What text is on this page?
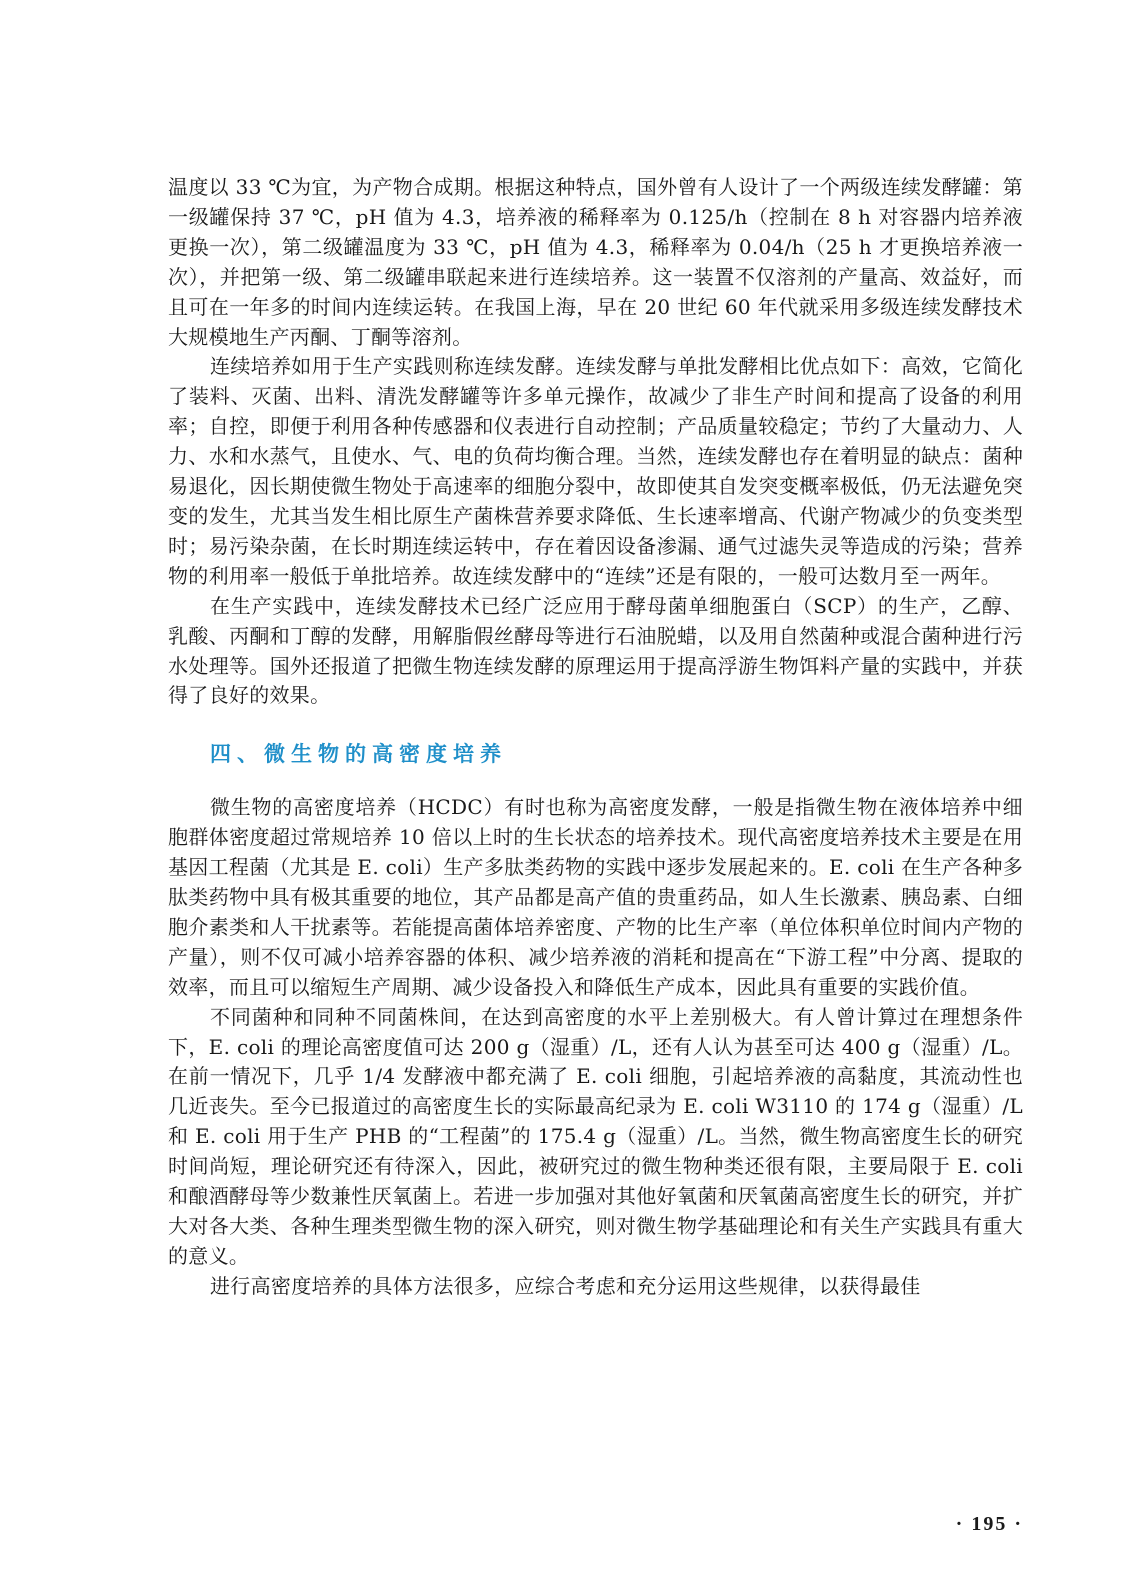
温度以 33 ℃为宜，为产物合成期。根据这种特点，国外曾有人设计了一个两级连续发酵罐：第一级罐保持 37 ℃，pH 值为 4.3，培养液的稀释率为 0.125/h（控制在 8 h 对容器内培养液更换一次），第二级罐温度为 33 ℃，pH 值为 4.3，稀释率为 0.04/h（25 h 才更换培养液一次），并把第一级、第二级罐串联起来进行连续培养。这一装置不仅溶剂的产量高、效益好，而且可在一年多的时间内连续运转。在我国上海，早在 20 世纪 60 年代就采用多级连续发酵技术大规模地生产丙酮、丁酮等溶剂。

连续培养如用于生产实践则称连续发酵。连续发酵与单批发酵相比优点如下：高效，它简化了装料、灭菌、出料、清洗发酵罐等许多单元操作，故减少了非生产时间和提高了设备的利用率；自控，即便于利用各种传感器和仪表进行自动控制；产品质量较稳定；节约了大量动力、人力、水和水蒸气，且使水、气、电的负荷均衡合理。当然，连续发酵也存在着明显的缺点：菌种易退化，因长期使微生物处于高速率的细胞分裂中，故即使其自发突变概率极低，仍无法避免突变的发生，尤其当发生相比原生产菌株营养要求降低、生长速率增高、代谢产物减少的负变类型时；易污染杂菌，在长时期连续运转中，存在着因设备渗漏、通气过滤失灵等造成的污染；营养物的利用率一般低于单批培养。故连续发酵中的“连续”还是有限的，一般可达数月至一两年。

在生产实践中，连续发酵技术已经广泛应用于酵母菌单细胞蛋白（SCP）的生产，乙醇、乳酸、丙酮和丁醇的发酵，用解脂假丝酵母等进行石油脱蜡，以及用自然菌种或混合菌种进行污水处理等。国外还报道了把微生物连续发酵的原理运用于提高浮游生物饵料产量的实践中，并获得了良好的效果。

四、微生物的高密度培养

微生物的高密度培养（HCDC）有时也称为高密度发酵，一般是指微生物在液体培养中细胞群体密度超过常规培养 10 倍以上时的生长状态的培养技术。现代高密度培养技术主要是在用基因工程菌（尤其是 E. coli）生产多肽类药物的实践中逐步发展起来的。E. coli 在生产各种多肽类药物中具有极其重要的地位，其产品都是高产值的贵重药品，如人生长激素、胰岛素、白细胞介素类和人干扰素等。若能提高菌体培养密度、产物的比生产率（单位体积单位时间内产物的产量），则不仅可减小培养容器的体积、减少培养液的消耗和提高在“下游工程”中分离、提取的效率，而且可以缩短生产周期、减少设备投入和降低生产成本，因此具有重要的实践价值。

不同菌种和同种不同菌株间，在达到高密度的水平上差别极大。有人曾计算过在理想条件下，E. coli 的理论高密度值可达 200 g（湿重）/L，还有人认为甚至可达 400 g（湿重）/L。在前一情况下，几乎 1/4 发酵液中都充满了 E. coli 细胞，引起培养液的高黏度，其流动性也几近丧失。至今已报道过的高密度生长的实际最高纪录为 E. coli W3110 的 174 g（湿重）/L 和 E. coli 用于生产 PHB 的“工程菌”的 175.4 g（湿重）/L。当然，微生物高密度生长的研究时间尚短，理论研究还有待深入，因此，被研究过的微生物种类还很有限，主要局限于 E. coli 和酿酒酵母等少数兼性厌氧菌上。若进一步加强对其他好氧菌和厌氧菌高密度生长的研究，并扩大对各大类、各种生理类型微生物的深入研究，则对微生物学基础理论和有关生产实践具有重大的意义。

进行高密度培养的具体方法很多，应综合考虑和充分运用这些规律，以获得最佳

· 195 ·
